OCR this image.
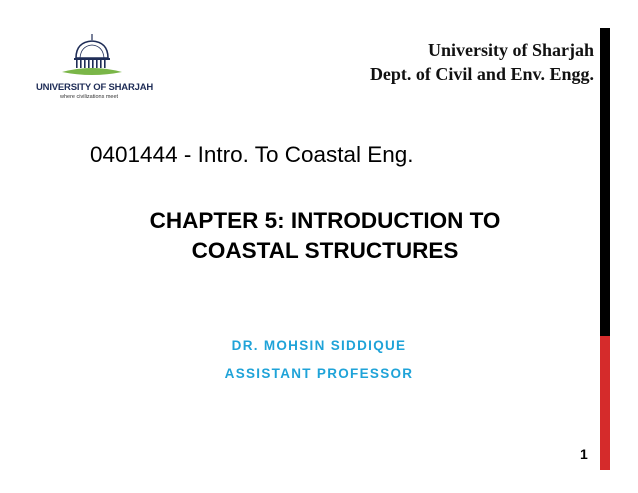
UNIVERSITY OF SHARJAH
where civilizations meet
University of Sharjah
Dept. of Civil and Env. Engg.
0401444 - Intro. To Coastal Eng.
CHAPTER 5: INTRODUCTION TO
COASTAL STRUCTURES
DR. MOHSIN SIDDIQUE
ASSISTANT PROFESSOR
1
